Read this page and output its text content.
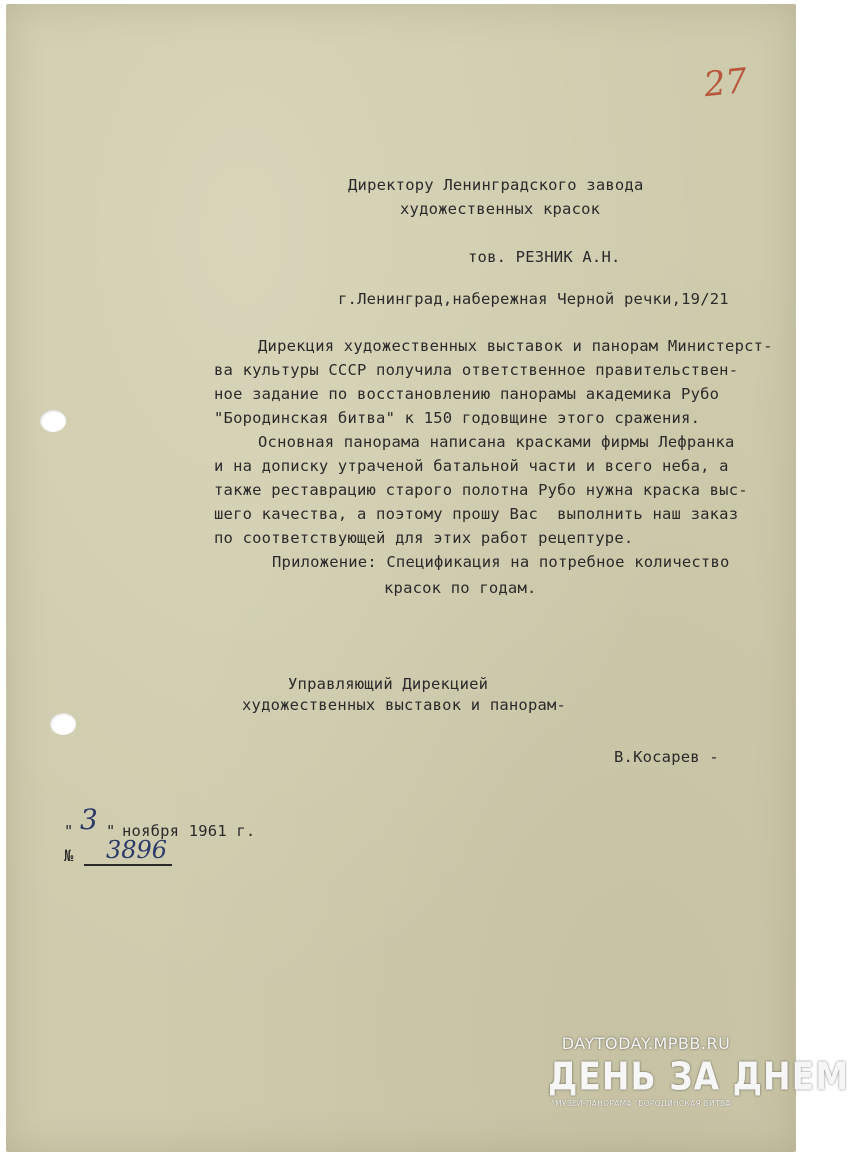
27
Директору Ленинградского завода
художественных красок
тов. РЕЗНИК А.Н.
г.Ленинград,набережная Черной речки,19/21
Дирекция художественных выставок и панорам Министерст-
ва культуры СССР получила ответственное правительствен-
ное задание по восстановлению панорамы академика Рубо
"Бородинская битва" к 150 годовщине этого сражения.
Основная панорама написана красками фирмы Лефранка
и на дописку утраченой батальной части и всего неба, а
также реставрацию старого полотна Рубо нужна краска выс-
шего качества, а поэтому прошу Вас  выполнить наш заказ
по соответствующей для этих работ рецептуре.
Приложение: Спецификация на потребное количество
красок по годам.
Управляющий Дирекцией
художественных выставок и панорам-
В.Косарев -
" 3 " ноября 1961 г.
№ 3896
DAYTODAY.MPBB.RU
ДЕНЬ ЗА ДНЕМ
"МУЗЕЙ-ПАНОРАМА "БОРОДИНСКАЯ БИТВА"
